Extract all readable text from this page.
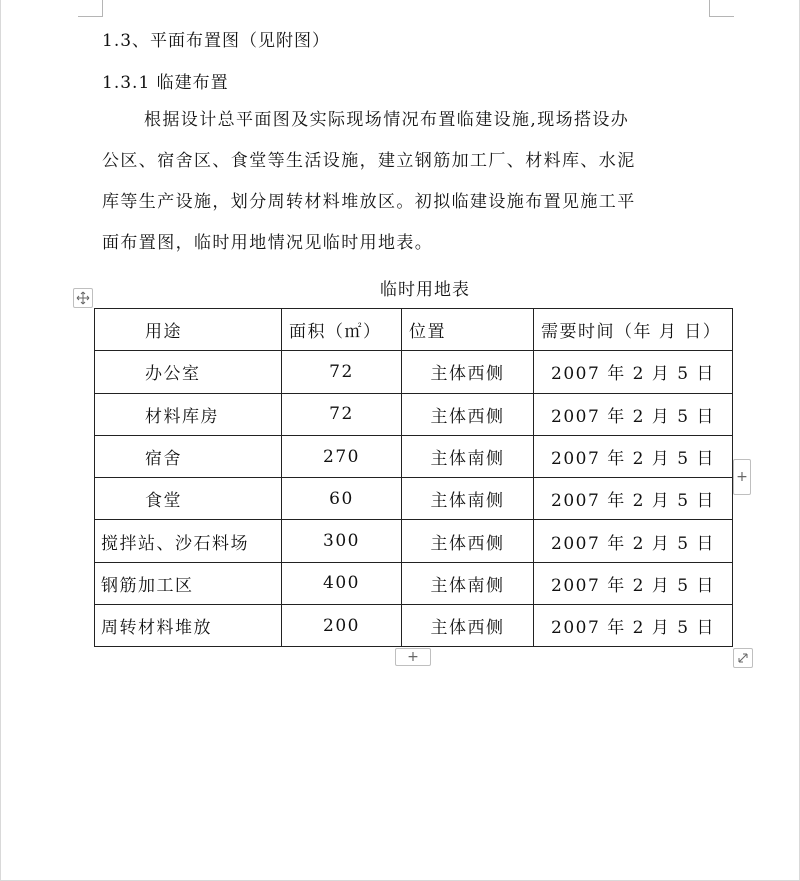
1.3、平面布置图（见附图）
1.3.1 临建布置
根据设计总平面图及实际现场情况布置临建设施,现场搭设办
公区、宿舍区、食堂等生活设施，建立钢筋加工厂、材料库、水泥
库等生产设施，划分周转材料堆放区。初拟临建设施布置见施工平
面布置图，临时用地情况见临时用地表。
临时用地表
用途	面积（㎡）	位置	需要时间（年 月 日）
办公室	72	主体西侧	2007 年 2 月 5 日
材料库房	72	主体西侧	2007 年 2 月 5 日
宿舍	270	主体南侧	2007 年 2 月 5 日
食堂	60	主体南侧	2007 年 2 月 5 日
搅拌站、沙石料场	300	主体西侧	2007 年 2 月 5 日
钢筋加工区	400	主体南侧	2007 年 2 月 5 日
周转材料堆放	200	主体西侧	2007 年 2 月 5 日
+
+
